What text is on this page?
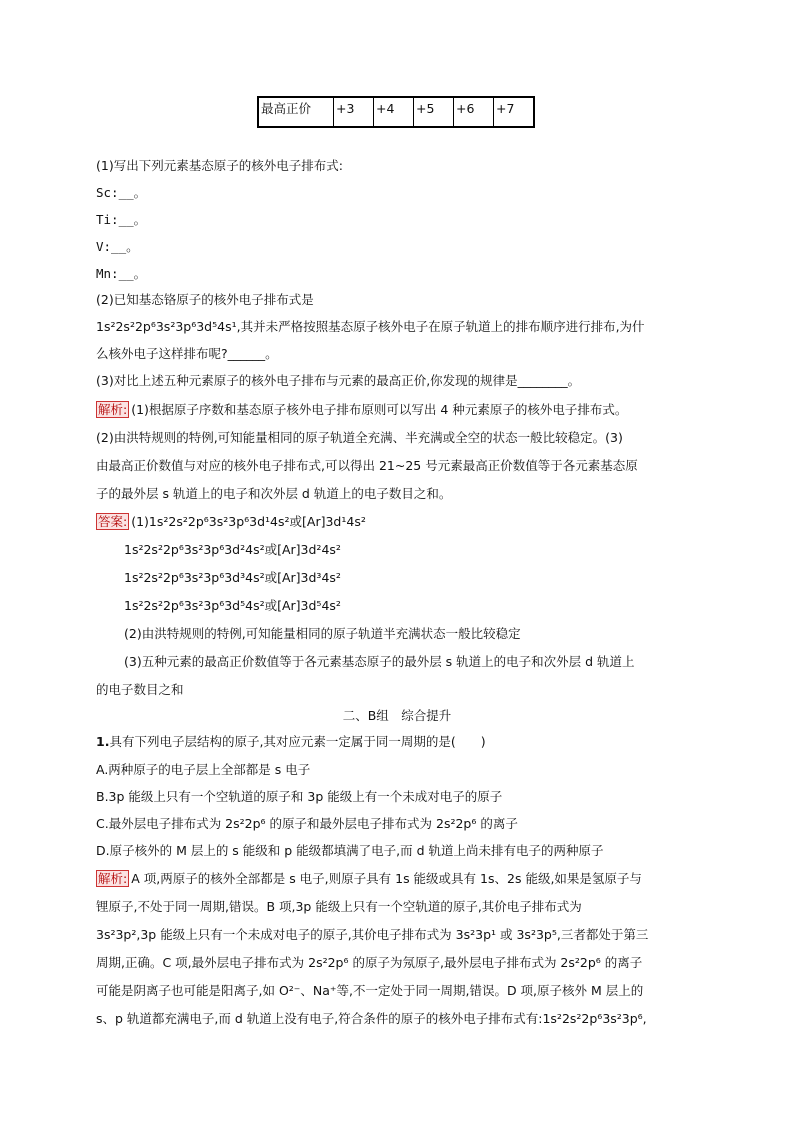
最高正价	+3	+4	+5	+6	+7
(1)写出下列元素基态原子的核外电子排布式:
Sc:__。
Ti:__。
V:__。
Mn:__。
(2)已知基态铬原子的核外电子排布式是
1s²2s²2p⁶3s²3p⁶3d⁵4s¹,其并未严格按照基态原子核外电子在原子轨道上的排布顺序进行排布,为什
么核外电子这样排布呢?______。
(3)对比上述五种元素原子的核外电子排布与元素的最高正价,你发现的规律是________。
解析: (1)根据原子序数和基态原子核外电子排布原则可以写出 4 种元素原子的核外电子排布式。
(2)由洪特规则的特例,可知能量相同的原子轨道全充满、半充满或全空的状态一般比较稳定。(3)
由最高正价数值与对应的核外电子排布式,可以得出 21~25 号元素最高正价数值等于各元素基态原
子的最外层 s 轨道上的电子和次外层 d 轨道上的电子数目之和。
答案: (1)1s²2s²2p⁶3s²3p⁶3d¹4s²或[Ar]3d¹4s²
1s²2s²2p⁶3s²3p⁶3d²4s²或[Ar]3d²4s²
1s²2s²2p⁶3s²3p⁶3d³4s²或[Ar]3d³4s²
1s²2s²2p⁶3s²3p⁶3d⁵4s²或[Ar]3d⁵4s²
(2)由洪特规则的特例,可知能量相同的原子轨道半充满状态一般比较稳定
(3)五种元素的最高正价数值等于各元素基态原子的最外层 s 轨道上的电子和次外层 d 轨道上
的电子数目之和
二、B组　综合提升
1.具有下列电子层结构的原子,其对应元素一定属于同一周期的是(　　)
A.两种原子的电子层上全部都是 s 电子
B.3p 能级上只有一个空轨道的原子和 3p 能级上有一个未成对电子的原子
C.最外层电子排布式为 2s²2p⁶ 的原子和最外层电子排布式为 2s²2p⁶ 的离子
D.原子核外的 M 层上的 s 能级和 p 能级都填满了电子,而 d 轨道上尚未排有电子的两种原子
解析: A 项,两原子的核外全部都是 s 电子,则原子具有 1s 能级或具有 1s、2s 能级,如果是氢原子与
锂原子,不处于同一周期,错误。B 项,3p 能级上只有一个空轨道的原子,其价电子排布式为
3s²3p²,3p 能级上只有一个未成对电子的原子,其价电子排布式为 3s²3p¹ 或 3s²3p⁵,三者都处于第三
周期,正确。C 项,最外层电子排布式为 2s²2p⁶ 的原子为氖原子,最外层电子排布式为 2s²2p⁶ 的离子
可能是阴离子也可能是阳离子,如 O²⁻、Na⁺等,不一定处于同一周期,错误。D 项,原子核外 M 层上的
s、p 轨道都充满电子,而 d 轨道上没有电子,符合条件的原子的核外电子排布式有:1s²2s²2p⁶3s²3p⁶,
